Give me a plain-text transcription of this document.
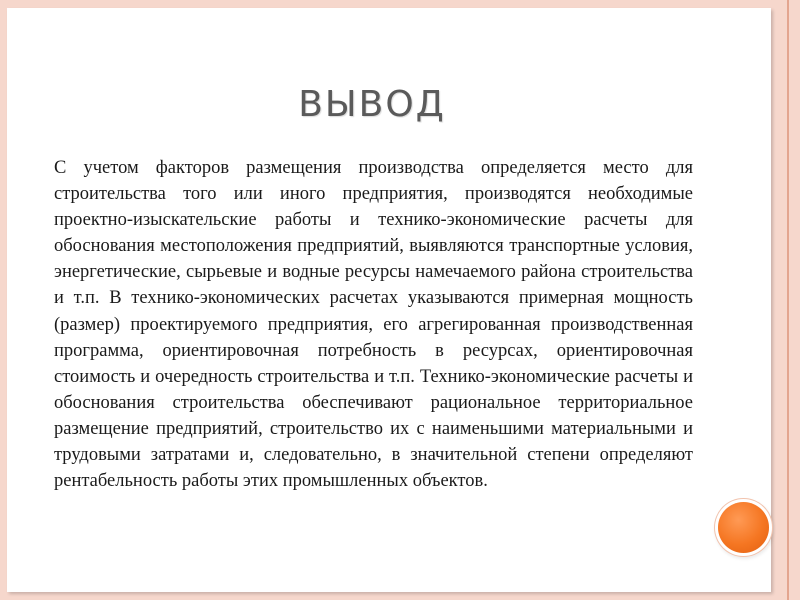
ВЫВОД

С учетом факторов размещения производства определяется место для строительства того или иного предприятия, производятся необходимые проектно-изыскательские работы и технико-экономические расчеты для обоснования местоположения предприятий, выявляются транспортные условия, энергетические, сырьевые и водные ресурсы намечаемого района строительства и т.п. В технико-экономических расчетах указываются примерная мощность (размер) проектируемого предприятия, его агрегированная производственная программа, ориентировочная потребность в ресурсах, ориентировочная стоимость и очередность строительства и т.п. Технико-экономические расчеты и обоснования строительства обеспечивают рациональное территориальное размещение предприятий, строительство их с наименьшими материальными и трудовыми затратами и, следовательно, в значительной степени определяют рентабельность работы этих промышленных объектов.
